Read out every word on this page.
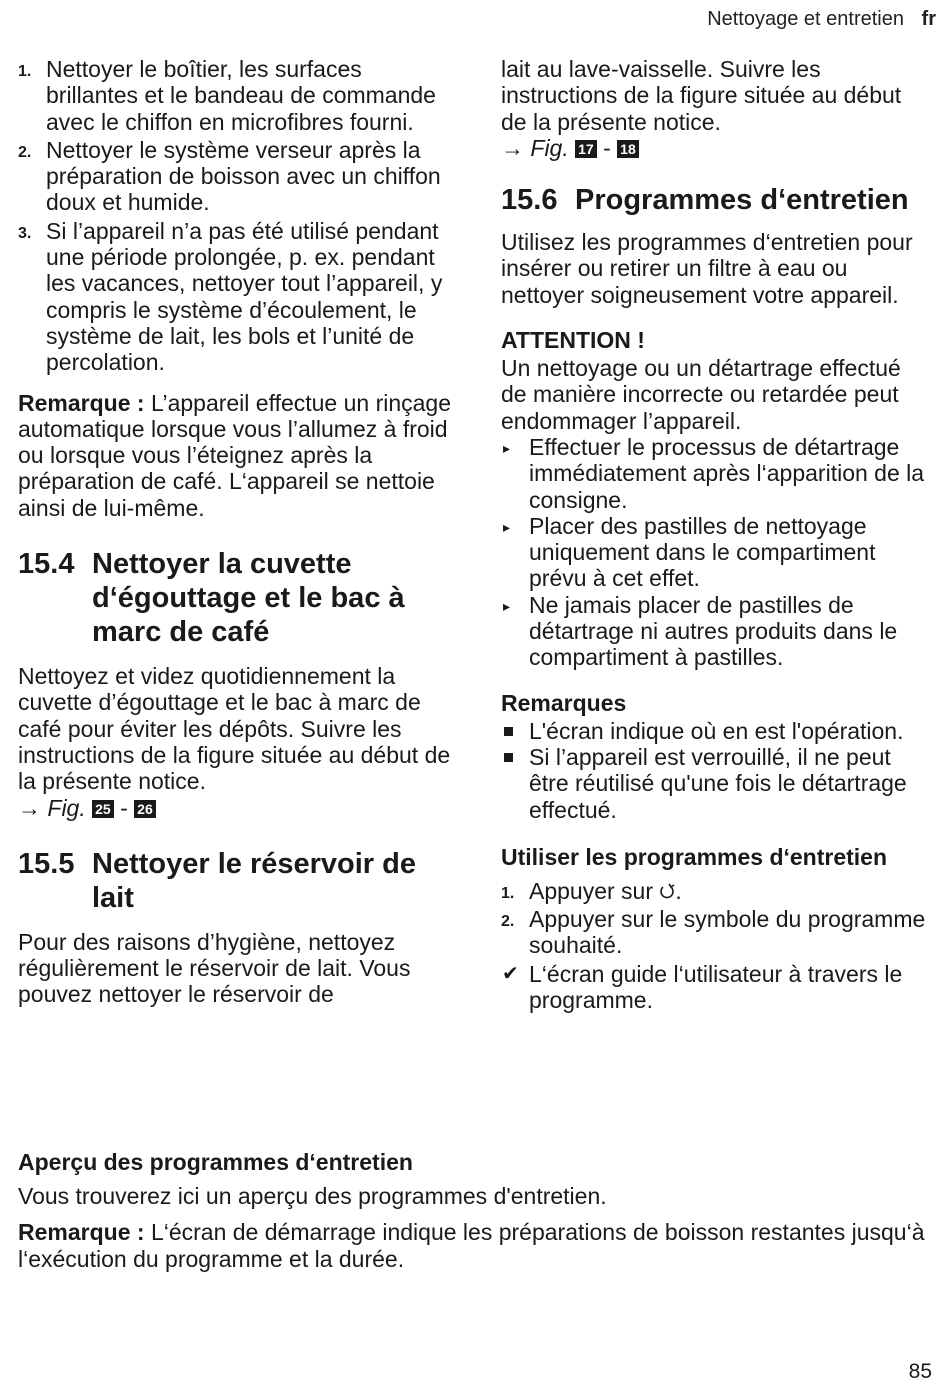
Nettoyage et entretien fr
1. Nettoyer le boîtier, les surfaces brillantes et le bandeau de commande avec le chiffon en microfibres fourni.
2. Nettoyer le système verseur après la préparation de boisson avec un chiffon doux et humide.
3. Si l’appareil n’a pas été utilisé pendant une période prolongée, p. ex. pendant les vacances, nettoyer tout l’appareil, y compris le système d’écoulement, le système de lait, les bols et l’unité de percolation.
Remarque : L’appareil effectue un rinçage automatique lorsque vous l’allumez à froid ou lorsque vous l’éteignez après la préparation de café. L‘appareil se nettoie ainsi de lui-même.
15.4 Nettoyer la cuvette d‘égouttage et le bac à marc de café
Nettoyez et videz quotidiennement la cuvette d’égouttage et le bac à marc de café pour éviter les dépôts. Suivre les instructions de la figure située au début de la présente notice.
→ Fig. 25 - 26
15.5 Nettoyer le réservoir de lait
Pour des raisons d’hygiène, nettoyez régulièrement le réservoir de lait. Vous pouvez nettoyer le réservoir de
lait au lave-vaisselle. Suivre les instructions de la figure située au début de la présente notice.
→ Fig. 17 - 18
15.6 Programmes d‘entretien
Utilisez les programmes d‘entretien pour insérer ou retirer un filtre à eau ou nettoyer soigneusement votre appareil.
ATTENTION !
Un nettoyage ou un détartrage effectué de manière incorrecte ou retardée peut endommager l’appareil.
▸ Effectuer le processus de détartrage immédiatement après l‘apparition de la consigne.
▸ Placer des pastilles de nettoyage uniquement dans le compartiment prévu à cet effet.
▸ Ne jamais placer de pastilles de détartrage ni autres produits dans le compartiment à pastilles.
Remarques
L'écran indique où en est l'opération.
Si l’appareil est verrouillé, il ne peut être réutilisé qu'une fois le détartrage effectué.
Utiliser les programmes d‘entretien
1. Appuyer sur .
2. Appuyer sur le symbole du programme souhaité.
✔ L‘écran guide l‘utilisateur à travers le programme.
Aperçu des programmes d‘entretien
Vous trouverez ici un aperçu des programmes d'entretien.
Remarque : L‘écran de démarrage indique les préparations de boisson restantes jusqu‘à l‘exécution du programme et la durée.
85
